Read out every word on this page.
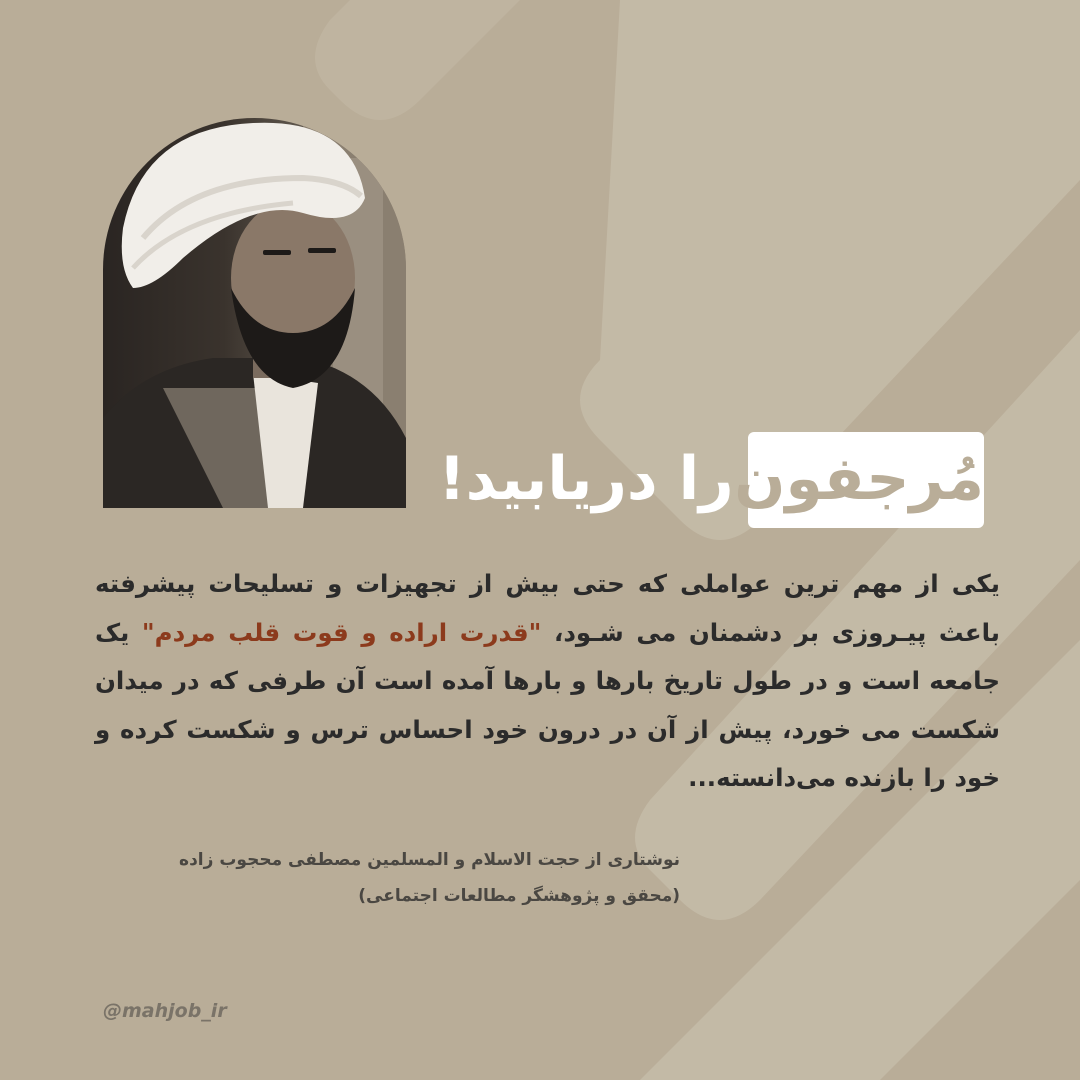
مُرجفون
را دریابید!
یکی از مهم ترین عواملی که حتی بیش از تجهیزات و تسلیحات پیشرفته باعث پیـروزی بر دشمنان می شـود، "قدرت اراده و قوت قلب مردم" یک جامعه است و در طول تاریخ بارها و بارها آمده است آن طرفی که در میدان شکست می خورد، پیش از آن در درون خود احساس ترس و شکست کرده و خود را بازنده می‌دانسته...
نوشتاری از حجت الاسلام و المسلمین مصطفی محجوب زاده
(محقق و پژوهشگر مطالعات اجتماعی)
@mahjob_ir
